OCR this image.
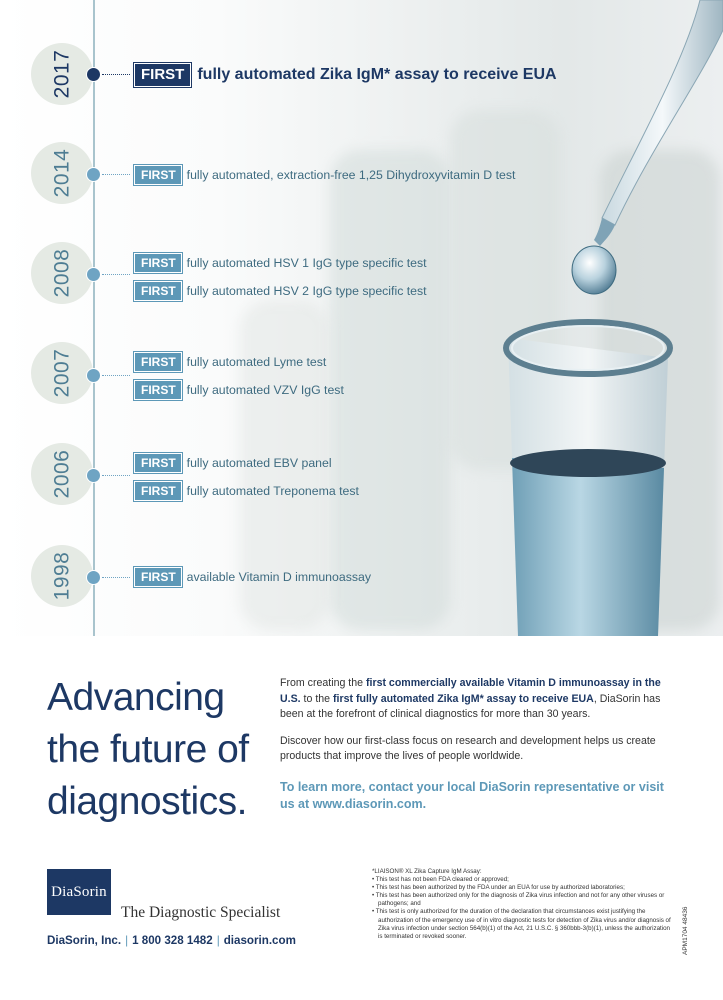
2017	FIRST fully automated Zika IgM* assay to receive EUA
2014	FIRST fully automated, extraction-free 1,25 Dihydroxyvitamin D test
2008	FIRST fully automated HSV 1 IgG type specific test
FIRST fully automated HSV 2 IgG type specific test
2007	FIRST fully automated Lyme test
FIRST fully automated VZV IgG test
2006	FIRST fully automated EBV panel
FIRST fully automated Treponema test
1998	FIRST available Vitamin D immunoassay
Advancing
the future of
diagnostics.

From creating the first commercially available Vitamin D immunoassay in the U.S. to the first fully automated Zika IgM* assay to receive EUA, DiaSorin has been at the forefront of clinical diagnostics for more than 30 years.

Discover how our first-class focus on research and development helps us create products that improve the lives of people worldwide.

To learn more, contact your local DiaSorin representative or visit us at www.diasorin.com.
DiaSorin
The Diagnostic Specialist
DiaSorin, Inc. | 1 800 328 1482 | diasorin.com
*LIAISON® XL Zika Capture IgM Assay:
• This test has not been FDA cleared or approved;
• This test has been authorized by the FDA under an EUA for use by authorized laboratories;
• This test has been authorized only for the diagnosis of Zika virus infection and not for any other viruses or pathogens; and
• This test is only authorized for the duration of the declaration that circumstances exist justifying the authorization of the emergency use of in vitro diagnostic tests for detection of Zika virus and/or diagnosis of Zika virus infection under section 564(b)(1) of the Act, 21 U.S.C. § 360bbb-3(b)(1), unless the authorization is terminated or revoked sooner.	APM1704 48436
